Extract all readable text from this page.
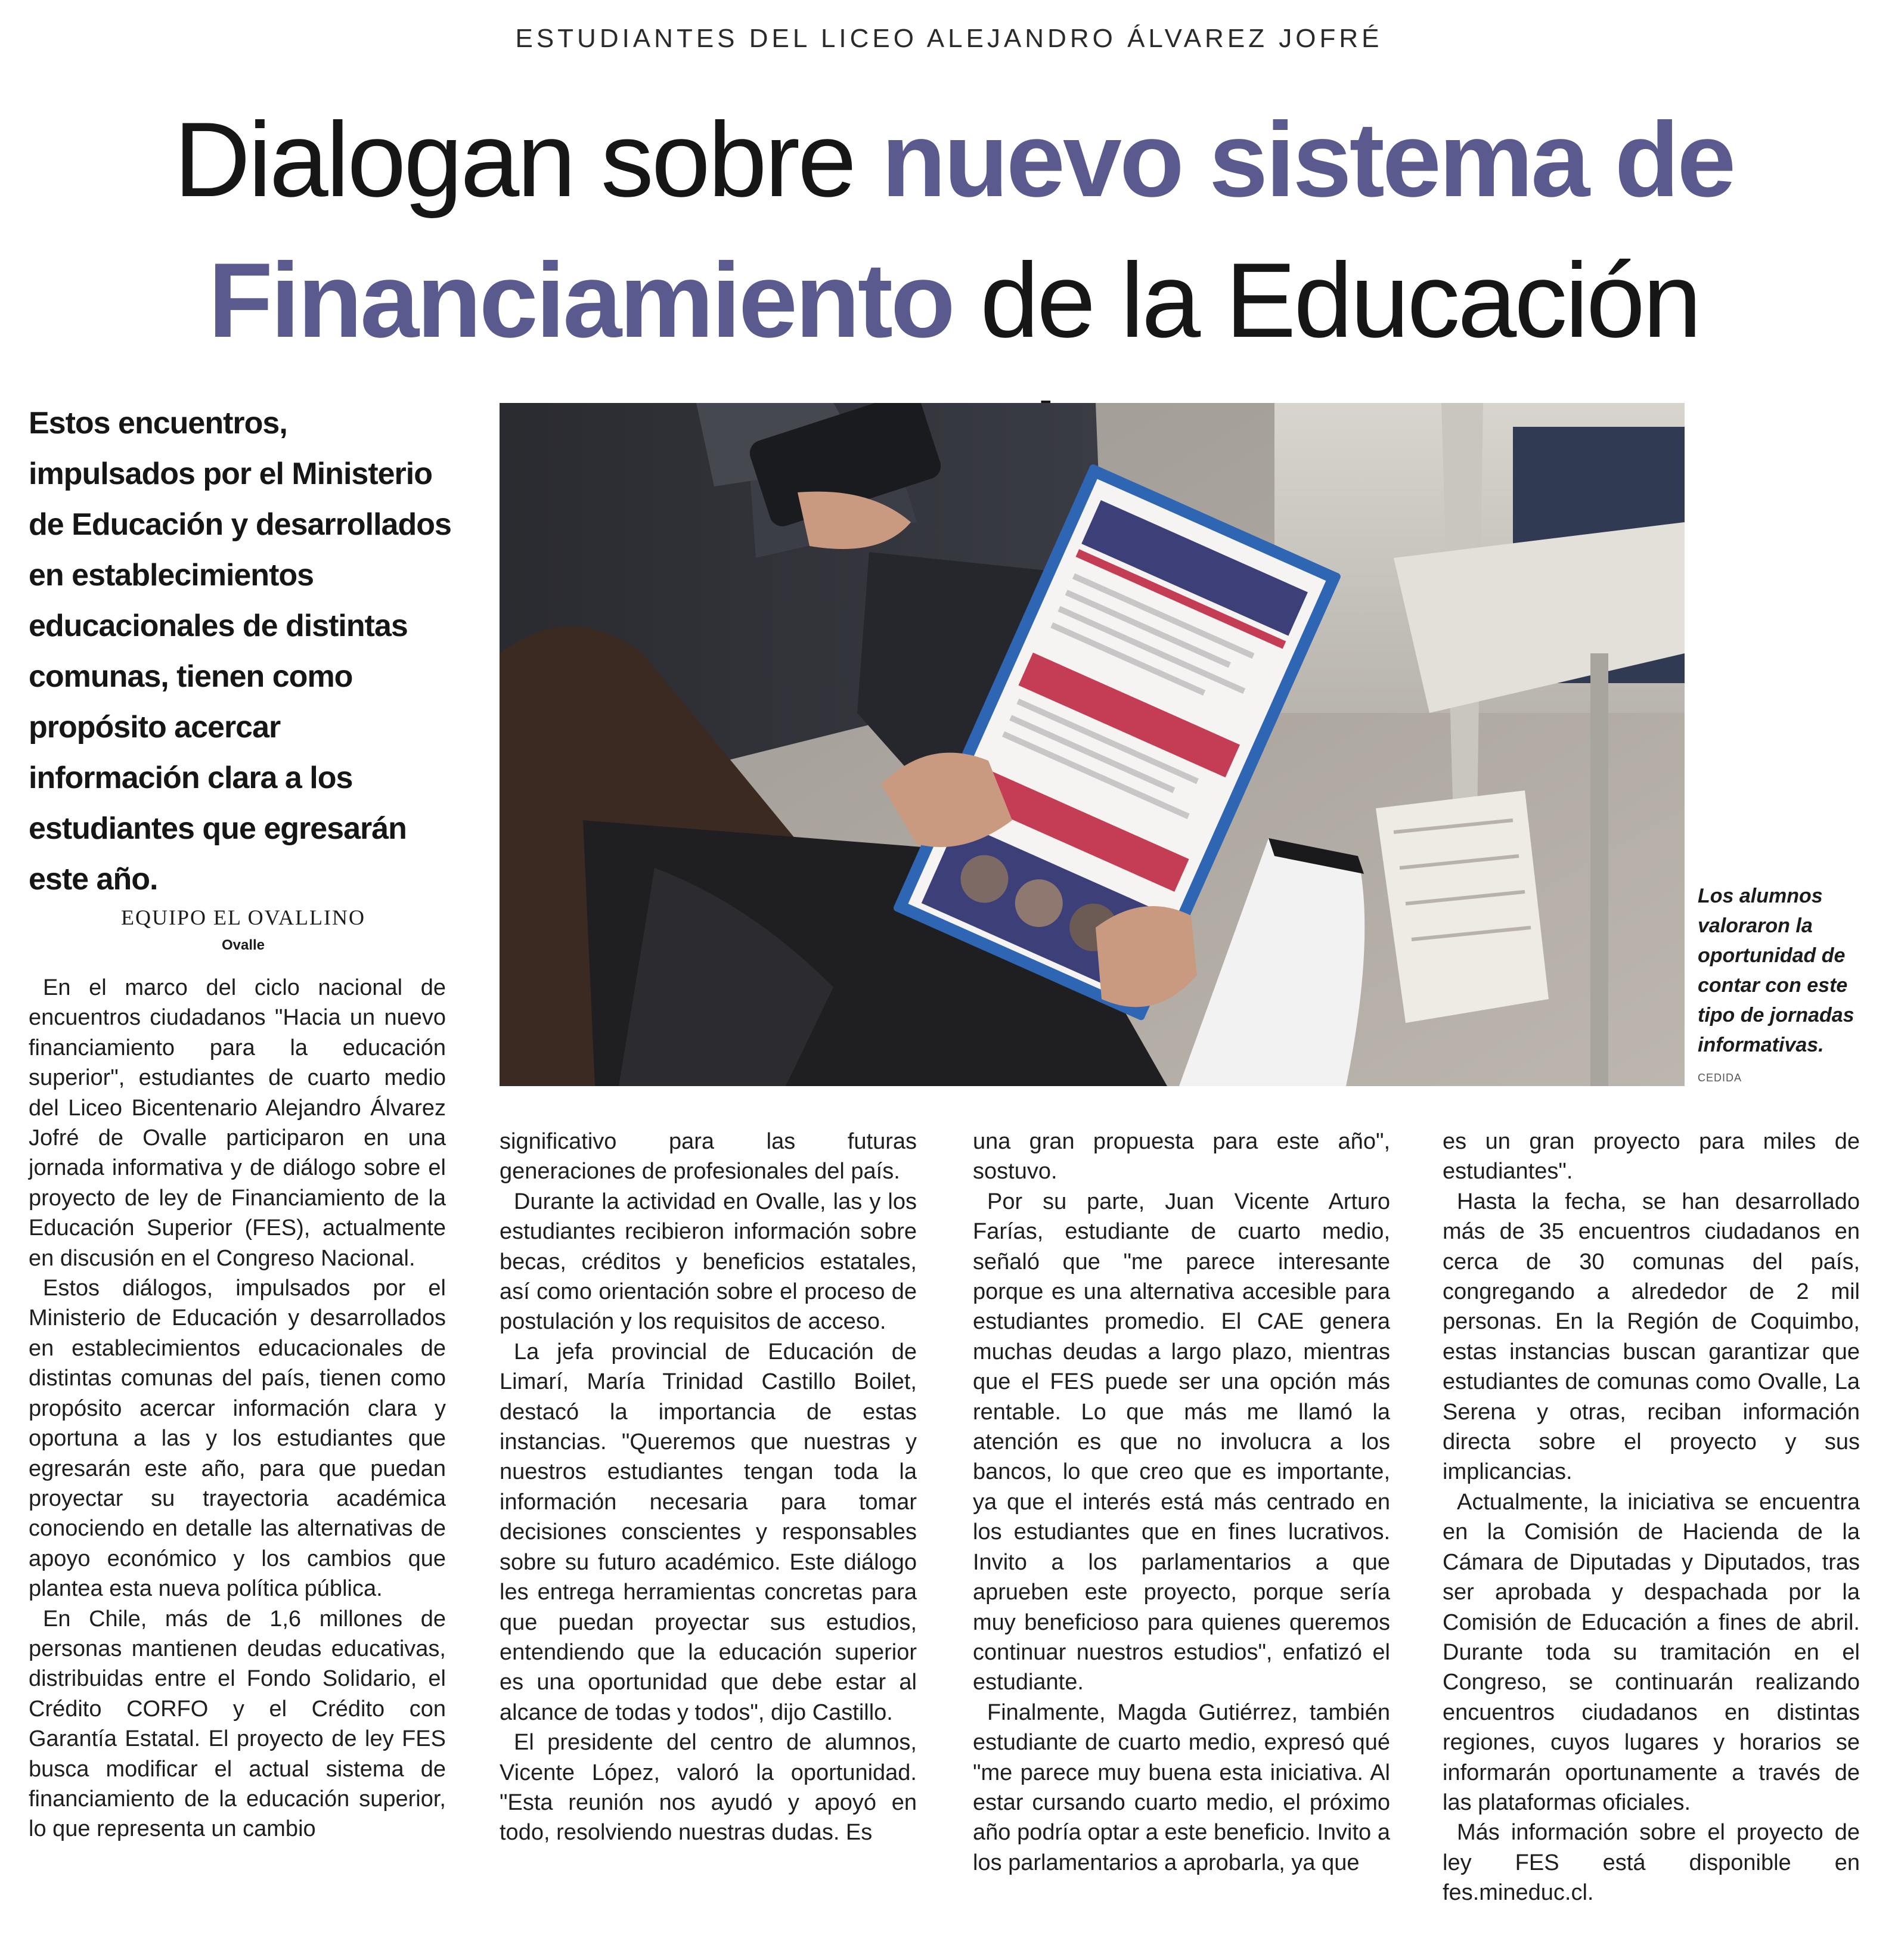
ESTUDIANTES DEL LICEO ALEJANDRO ÁLVAREZ JOFRÉ
Dialogan sobre nuevo sistema de
Financiamiento de la Educación
Estos encuentros, impulsados por el Ministerio de Educación y desarrollados en establecimientos educacionales de distintas comunas, tienen como propósito acercar información clara a los estudiantes que egresarán este año.
EQUIPO EL OVALLINO
Ovalle
Los alumnos valoraron la oportunidad de contar con este tipo de jornadas informativas.
CEDIDA

En el marco del ciclo nacional de encuentros ciudadanos "Hacia un nuevo financiamiento para la educación superior", estudiantes de cuarto medio del Liceo Bicentenario Alejandro Álvarez Jofré de Ovalle participaron en una jornada informativa y de diálogo sobre el proyecto de ley de Financiamiento de la Educación Superior (FES), actualmente en discusión en el Congreso Nacional.

Estos diálogos, impulsados por el Ministerio de Educación y desarrollados en establecimientos educacionales de distintas comunas del país, tienen como propósito acercar información clara y oportuna a las y los estudiantes que egresarán este año, para que puedan proyectar su trayectoria académica conociendo en detalle las alternativas de apoyo económico y los cambios que plantea esta nueva política pública.

En Chile, más de 1,6 millones de personas mantienen deudas educativas, distribuidas entre el Fondo Solidario, el Crédito CORFO y el Crédito con Garantía Estatal. El proyecto de ley FES busca modificar el actual sistema de financiamiento de la educación superior, lo que representa un cambio

significativo para las futuras generaciones de profesionales del país.

Durante la actividad en Ovalle, las y los estudiantes recibieron información sobre becas, créditos y beneficios estatales, así como orientación sobre el proceso de postulación y los requisitos de acceso.

La jefa provincial de Educación de Limarí, María Trinidad Castillo Boilet, destacó la importancia de estas instancias. "Queremos que nuestras y nuestros estudiantes tengan toda la información necesaria para tomar decisiones conscientes y responsables sobre su futuro académico. Este diálogo les entrega herramientas concretas para que puedan proyectar sus estudios, entendiendo que la educación superior es una oportunidad que debe estar al alcance de todas y todos", dijo Castillo.

El presidente del centro de alumnos, Vicente López, valoró la oportunidad. "Esta reunión nos ayudó y apoyó en todo, resolviendo nuestras dudas. Es

una gran propuesta para este año", sostuvo.

Por su parte, Juan Vicente Arturo Farías, estudiante de cuarto medio, señaló que "me parece interesante porque es una alternativa accesible para estudiantes promedio. El CAE genera muchas deudas a largo plazo, mientras que el FES puede ser una opción más rentable. Lo que más me llamó la atención es que no involucra a los bancos, lo que creo que es importante, ya que el interés está más centrado en los estudiantes que en fines lucrativos. Invito a los parlamentarios a que aprueben este proyecto, porque sería muy beneficioso para quienes queremos continuar nuestros estudios", enfatizó el estudiante.

Finalmente, Magda Gutiérrez, también estudiante de cuarto medio, expresó qué "me parece muy buena esta iniciativa. Al estar cursando cuarto medio, el próximo año podría optar a este beneficio. Invito a los parlamentarios a aprobarla, ya que

es un gran proyecto para miles de estudiantes".

Hasta la fecha, se han desarrollado más de 35 encuentros ciudadanos en cerca de 30 comunas del país, congregando a alrededor de 2 mil personas. En la Región de Coquimbo, estas instancias buscan garantizar que estudiantes de comunas como Ovalle, La Serena y otras, reciban información directa sobre el proyecto y sus implicancias.

Actualmente, la iniciativa se encuentra en la Comisión de Hacienda de la Cámara de Diputadas y Diputados, tras ser aprobada y despachada por la Comisión de Educación a fines de abril. Durante toda su tramitación en el Congreso, se continuarán realizando encuentros ciudadanos en distintas regiones, cuyos lugares y horarios se informarán oportunamente a través de las plataformas oficiales.

Más información sobre el proyecto de ley FES está disponible en fes.mineduc.cl.
